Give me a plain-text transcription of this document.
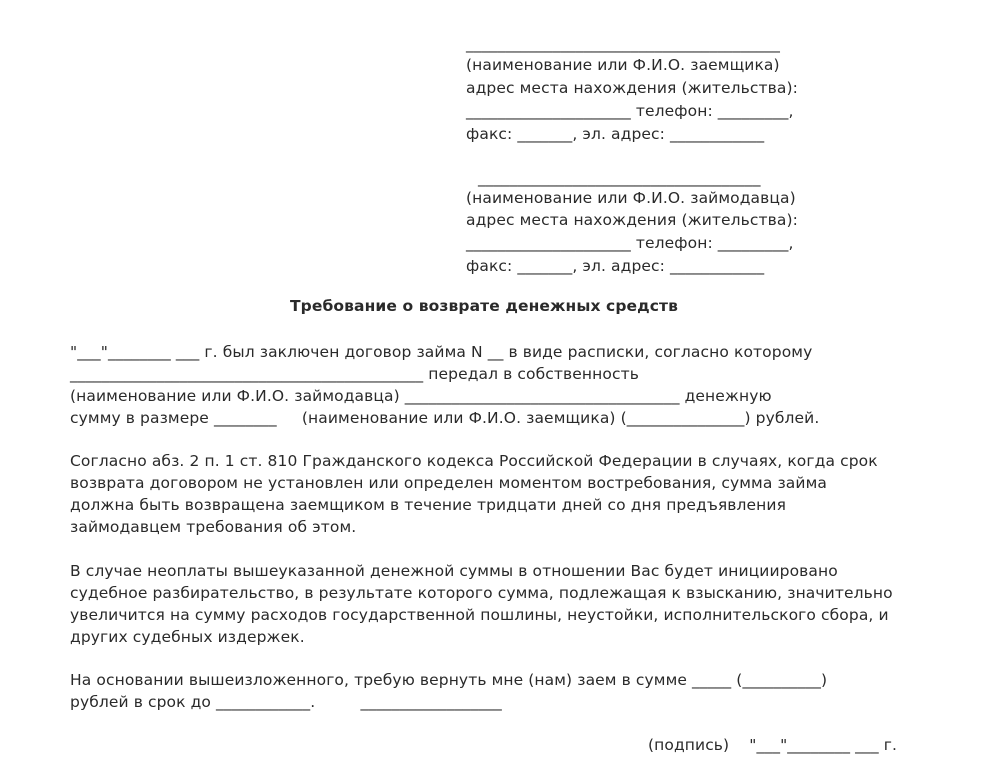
________________________________________
(наименование или Ф.И.О. заемщика)
адрес места нахождения (жительства):
_____________________ телефон: _________,
факс: _______, эл. адрес: ____________
____________________________________
(наименование или Ф.И.О. займодавца)
адрес места нахождения (жительства):
_____________________ телефон: _________,
факс: _______, эл. адрес: ____________
Требование о возврате денежных средств
"___"________ ___ г. был заключен договор займа N __ в виде расписки, согласно которому
_____________________________________________ передал в собственность
(наименование или Ф.И.О. займодавца) ___________________________________ денежную
сумму в размере ________     (наименование или Ф.И.О. заемщика) (_______________) рублей.
Согласно абз. 2 п. 1 ст. 810 Гражданского кодекса Российской Федерации в случаях, когда срок
возврата договором не установлен или определен моментом востребования, сумма займа
должна быть возвращена заемщиком в течение тридцати дней со дня предъявления
займодавцем требования об этом.
В случае неоплаты вышеуказанной денежной суммы в отношении Вас будет инициировано
судебное разбирательство, в результате которого сумма, подлежащая к взысканию, значительно
увеличится на сумму расходов государственной пошлины, неустойки, исполнительского сбора, и
других судебных издержек.
На основании вышеизложенного, требую вернуть мне (нам) заем в сумме _____ (__________)
рублей в срок до ____________.         __________________
(подпись)    "___"________ ___ г.
